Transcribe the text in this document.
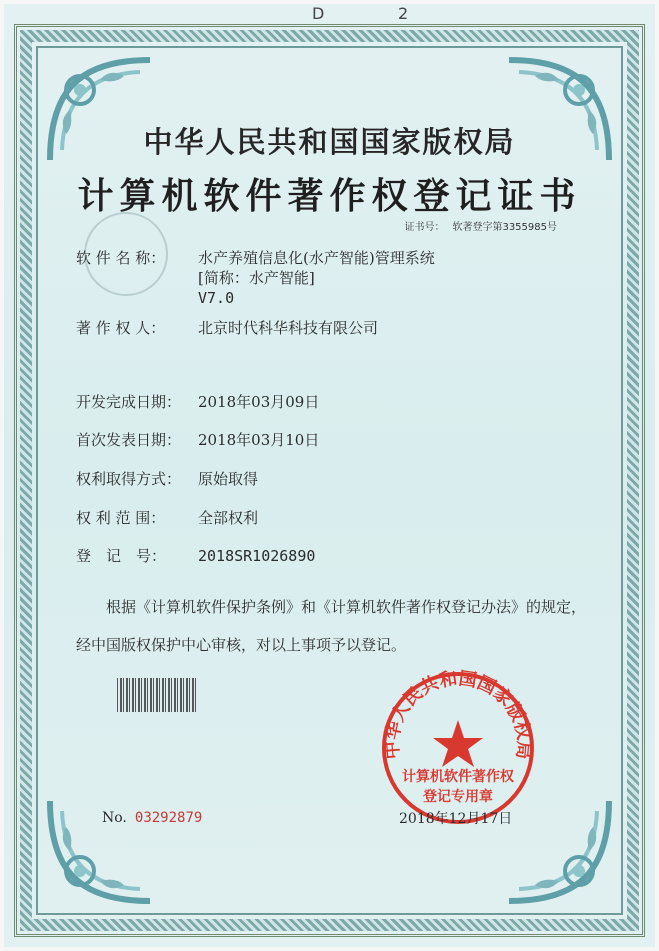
D	2
中华人民共和国国家版权局
计算机软件著作权登记证书
证书号： 软著登字第3355985号
软 件 名 称：	水产养殖信息化(水产智能)管理系统
[简称：水产智能]
V7.0
著 作 权 人：	北京时代科华科技有限公司
开发完成日期：	2018年03月09日
首次发表日期：	2018年03月10日
权利取得方式：	原始取得
权 利 范 围：	全部权利
登　记　号：	2018SR1026890
根据《计算机软件保护条例》和《计算机软件著作权登记办法》的规定，经中国版权保护中心审核，对以上事项予以登记。
中华人民共和国国家版权局
计算机软件著作权
登记专用章
2018年12月17日
No. 03292879
